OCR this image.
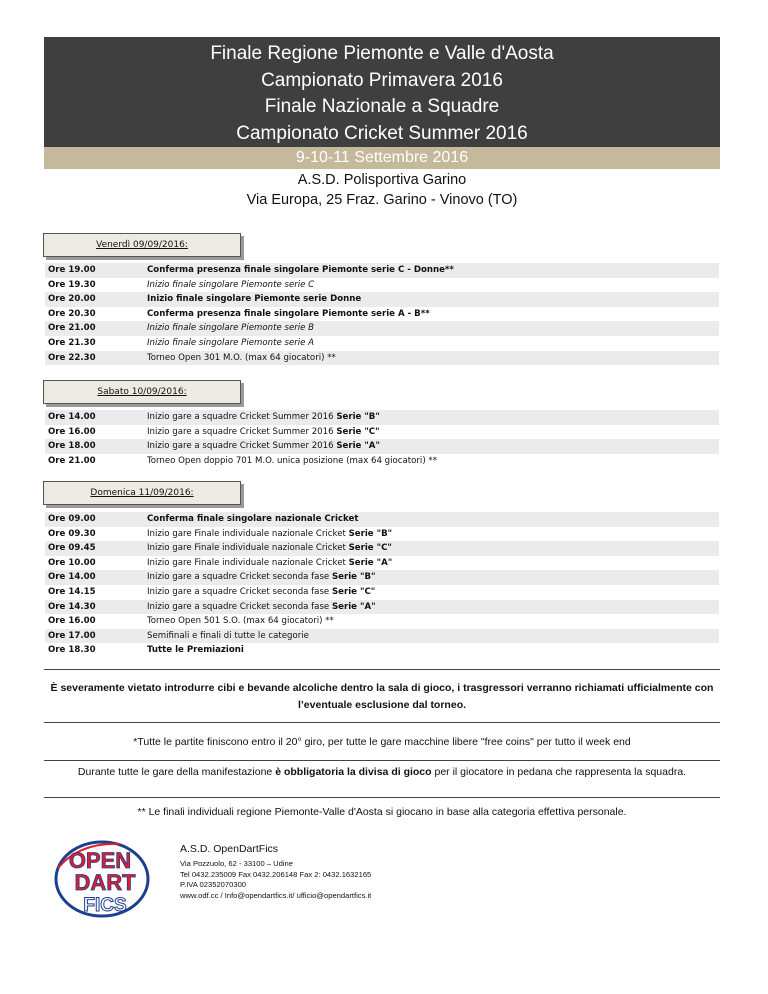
Finale Regione Piemonte e Valle d'Aosta
Campionato Primavera 2016
Finale Nazionale a Squadre
Campionato Cricket Summer 2016
9-10-11 Settembre 2016
A.S.D. Polisportiva Garino
Via Europa, 25 Fraz. Garino - Vinovo (TO)
Venerdì 09/09/2016:
Ore 19.00	Conferma presenza finale singolare Piemonte serie C - Donne**
Ore 19.30	Inizio finale singolare Piemonte serie C
Ore 20.00	Inizio finale singolare Piemonte serie Donne
Ore 20.30	Conferma presenza finale singolare Piemonte serie A - B**
Ore 21.00	Inizio finale singolare Piemonte serie B
Ore 21.30	Inizio finale singolare Piemonte serie A
Ore 22.30	Torneo Open 301 M.O. (max 64 giocatori) **
Sabato 10/09/2016:
Ore 14.00	Inizio gare a squadre Cricket Summer 2016 Serie "B"
Ore 16.00	Inizio gare a squadre Cricket Summer 2016 Serie "C"
Ore 18.00	Inizio gare a squadre Cricket Summer 2016 Serie "A"
Ore 21.00	Torneo Open doppio 701 M.O. unica posizione (max 64 giocatori) **
Domenica 11/09/2016:
Ore 09.00	Conferma finale singolare nazionale Cricket
Ore 09.30	Inizio gare Finale individuale nazionale Cricket Serie "B"
Ore 09.45	Inizio gare Finale individuale nazionale Cricket Serie "C"
Ore 10.00	Inizio gare Finale individuale nazionale Cricket Serie "A"
Ore 14.00	Inizio gare a squadre Cricket seconda fase Serie "B"
Ore 14.15	Inizio gare a squadre Cricket seconda fase Serie "C"
Ore 14.30	Inizio gare a squadre Cricket seconda fase Serie "A"
Ore 16.00	Torneo Open 501 S.O. (max 64 giocatori) **
Ore 17.00	Semifinali e finali di tutte le categorie
Ore 18.30	Tutte le Premiazioni
È severamente vietato introdurre cibi e bevande alcoliche dentro la sala di gioco, i trasgressori verranno richiamati ufficialmente con l’eventuale esclusione dal torneo.
*Tutte le partite finiscono entro il 20° giro, per tutte le gare macchine libere "free coins" per tutto il week end
Durante tutte le gare della manifestazione è obbligatoria la divisa di gioco per il giocatore in pedana che rappresenta la squadra.
** Le finali individuali regione Piemonte-Valle d'Aosta si giocano in base alla categoria effettiva personale.
OPEN
DART
FICS
A.S.D. OpenDartFics
Via Pozzuolo, 62 - 33100 – Udine
Tel 0432.235009 Fax 0432.206148 Fax 2: 0432.1632165
P.IVA 02352070300
www.odf.cc / Info@opendartfics.it/ ufficio@opendartfics.it
